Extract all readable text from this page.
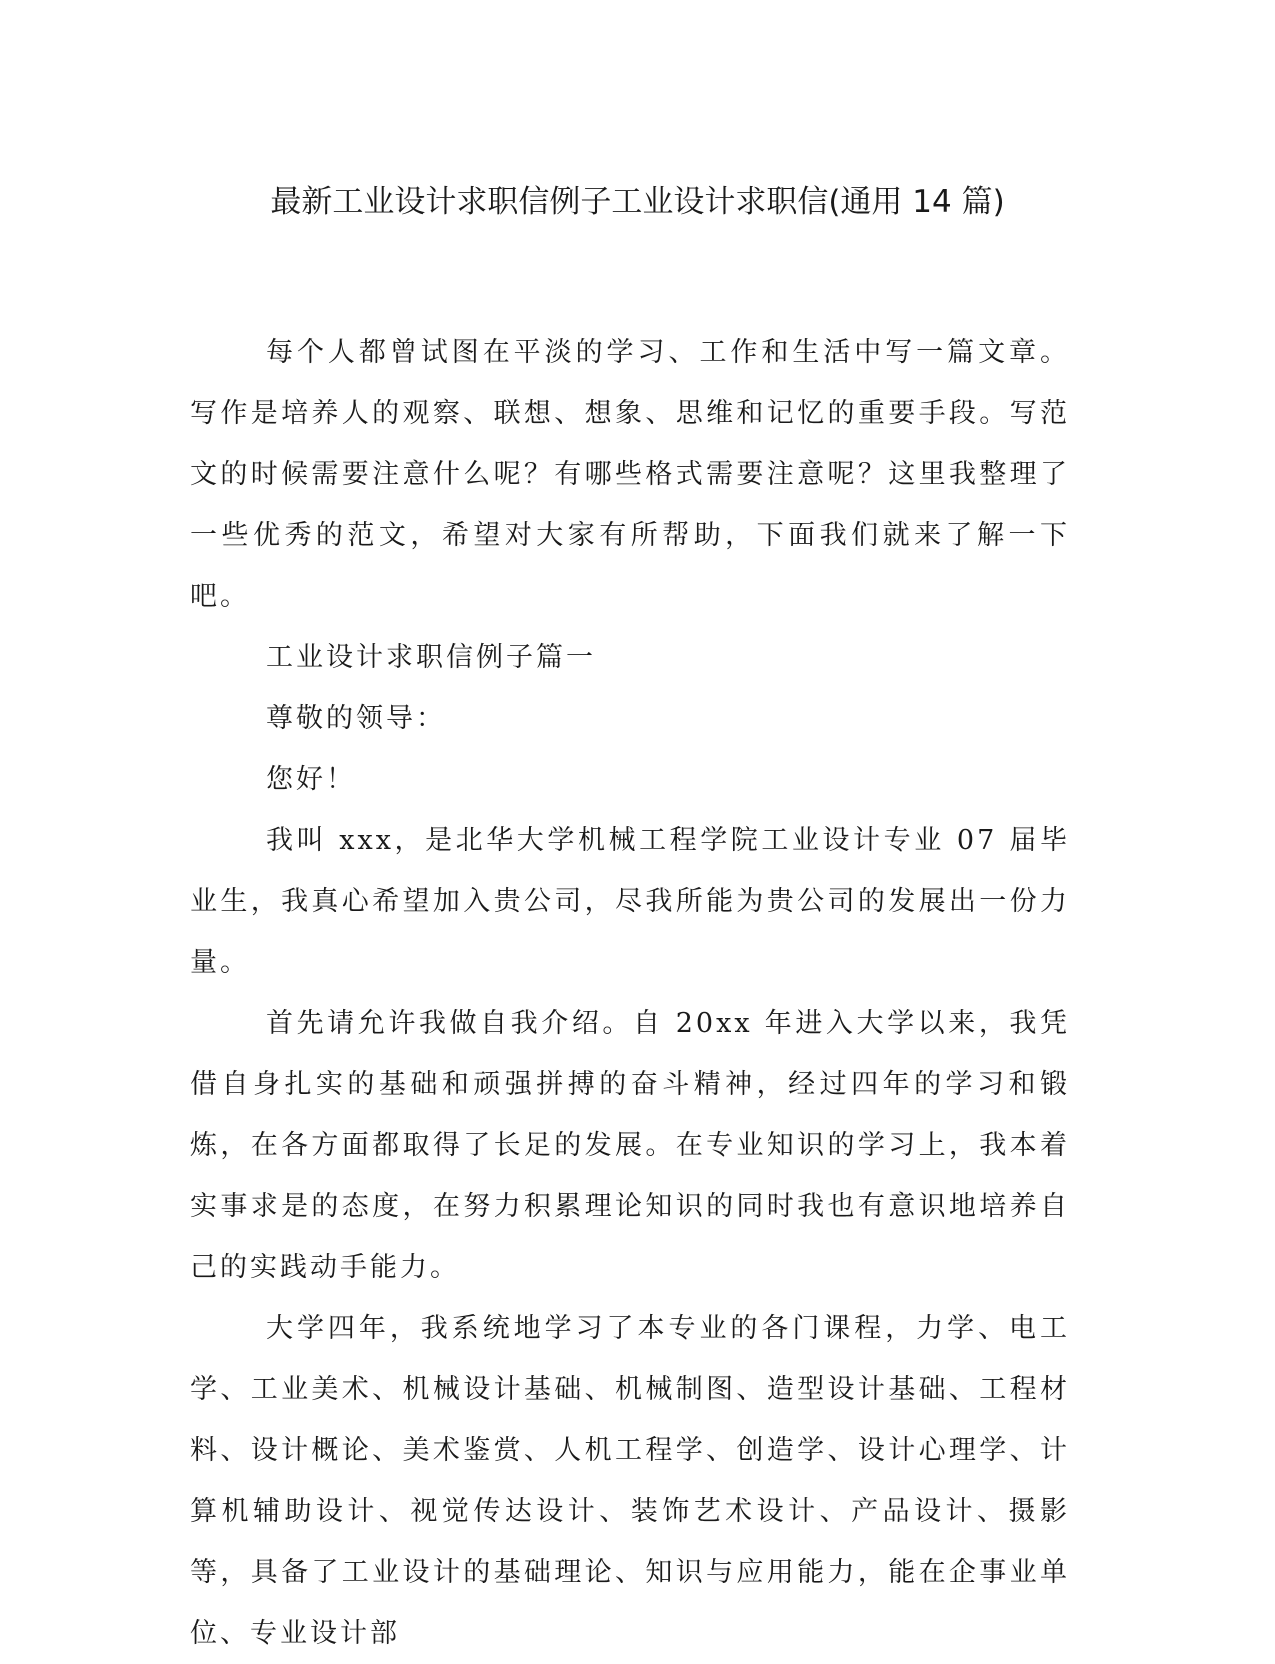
最新工业设计求职信例子工业设计求职信(通用 14 篇)

每个人都曾试图在平淡的学习、工作和生活中写一篇文章。写作是培养人的观察、联想、想象、思维和记忆的重要手段。写范文的时候需要注意什么呢？有哪些格式需要注意呢？这里我整理了一些优秀的范文，希望对大家有所帮助，下面我们就来了解一下吧。

工业设计求职信例子篇一

尊敬的领导：

您好！

我叫 xxx，是北华大学机械工程学院工业设计专业 07 届毕业生，我真心希望加入贵公司，尽我所能为贵公司的发展出一份力量。

首先请允许我做自我介绍。自 20xx 年进入大学以来，我凭借自身扎实的基础和顽强拼搏的奋斗精神，经过四年的学习和锻炼，在各方面都取得了长足的发展。在专业知识的学习上，我本着实事求是的态度，在努力积累理论知识的同时我也有意识地培养自己的实践动手能力。

大学四年，我系统地学习了本专业的各门课程，力学、电工学、工业美术、机械设计基础、机械制图、造型设计基础、工程材料、设计概论、美术鉴赏、人机工程学、创造学、设计心理学、计算机辅助设计、视觉传达设计、装饰艺术设计、产品设计、摄影等，具备了工业设计的基础理论、知识与应用能力，能在企事业单位、专业设计部
